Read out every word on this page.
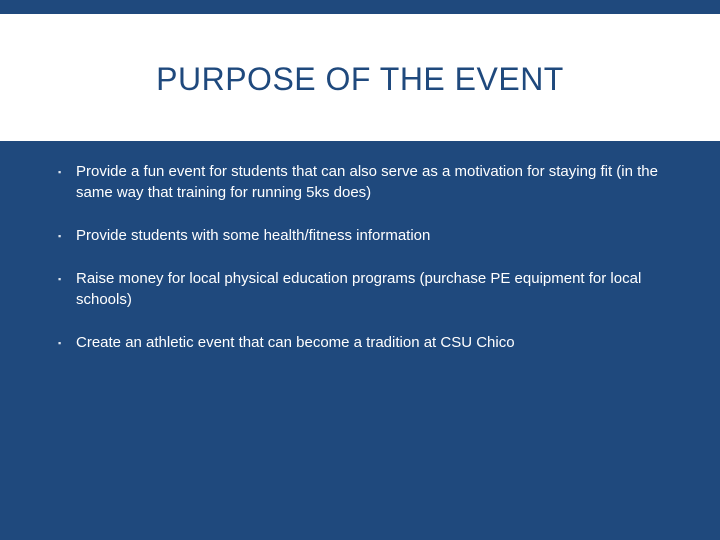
PURPOSE OF THE EVENT
▪ Provide a fun event for students that can also serve as a motivation for staying fit (in the same way that training for running 5ks does)
▪ Provide students with some health/fitness information
▪ Raise money for local physical education programs (purchase PE equipment for local schools)
▪ Create an athletic event that can become a tradition at CSU Chico
